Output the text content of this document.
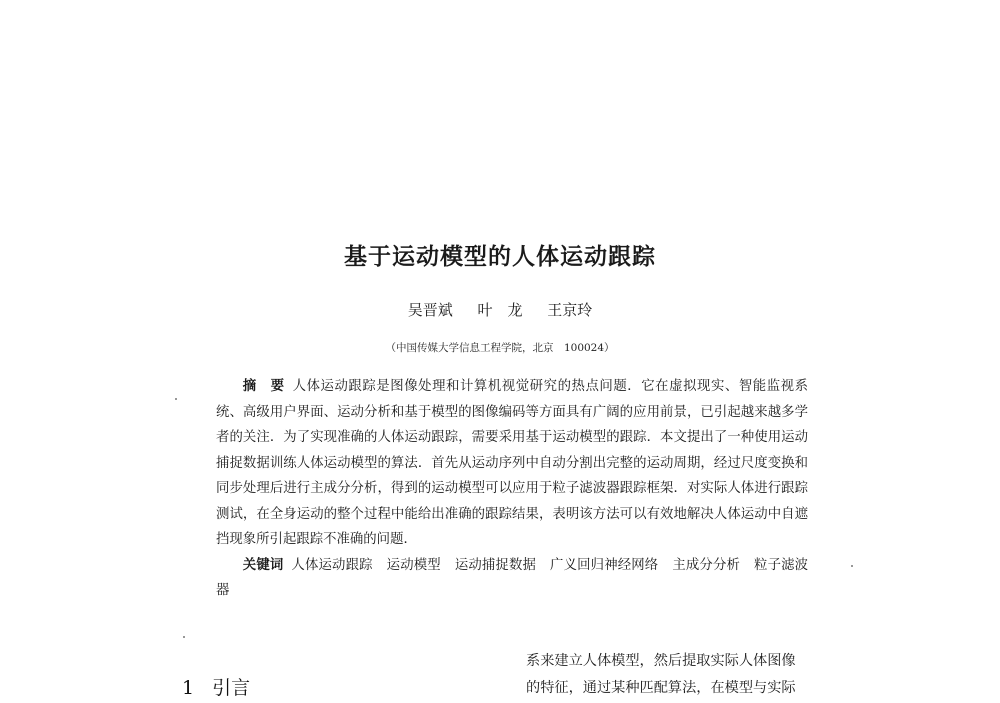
基于运动模型的人体运动跟踪
吴晋斌 叶　龙 王京玲
（中国传媒大学信息工程学院，北京　100024）

摘　要 人体运动跟踪是图像处理和计算机视觉研究的热点问题．它在虚拟现实、智能监视系统、高级用户界面、运动分析和基于模型的图像编码等方面具有广阔的应用前景，已引起越来越多学者的关注．为了实现准确的人体运动跟踪，需要采用基于运动模型的跟踪．本文提出了一种使用运动捕捉数据训练人体运动模型的算法．首先从运动序列中自动分割出完整的运动周期，经过尺度变换和同步处理后进行主成分分析，得到的运动模型可以应用于粒子滤波器跟踪框架．对实际人体进行跟踪测试，在全身运动的整个过程中能给出准确的跟踪结果，表明该方法可以有效地解决人体运动中自遮挡现象所引起跟踪不准确的问题．

关键词 人体运动跟踪 运动模型 运动捕捉数据 广义回归神经网络 主成分分析 粒子滤波器

1 引言
系来建立人体模型，然后提取实际人体图像
的特征，通过某种匹配算法，在模型与实际
